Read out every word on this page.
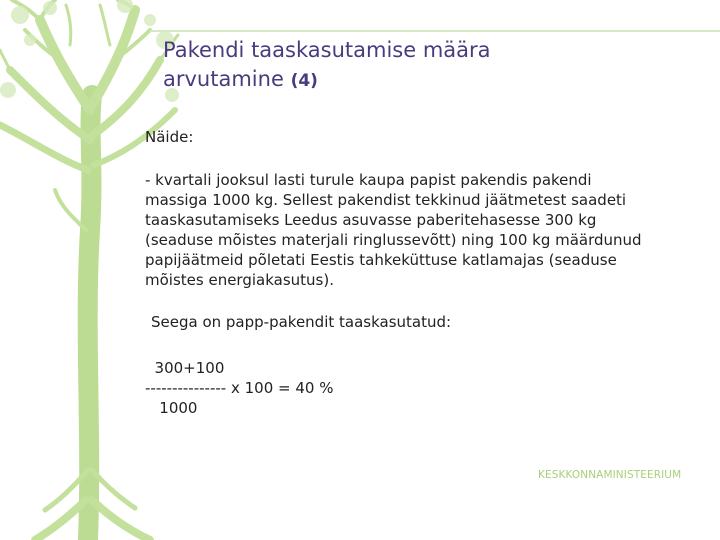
Pakendi taaskasutamise määra
arvutamine (4)

Näide:

- kvartali jooksul lasti turule kaupa papist pakendis pakendi
massiga 1000 kg. Sellest pakendist tekkinud jäätmetest saadeti
taaskasutamiseks Leedus asuvasse paberitehasesse 300 kg
(seaduse mõistes materjali ringlussevõtt) ning 100 kg määrdunud
papijäätmeid põletati Eestis tahkeküttuse katlamajas (seaduse
mõistes energiakasutus).

Seega on papp-pakendit taaskasutatud:

300+100
--------------- x 100 = 40 %
1000

KESKKONNAMINISTEERIUM
